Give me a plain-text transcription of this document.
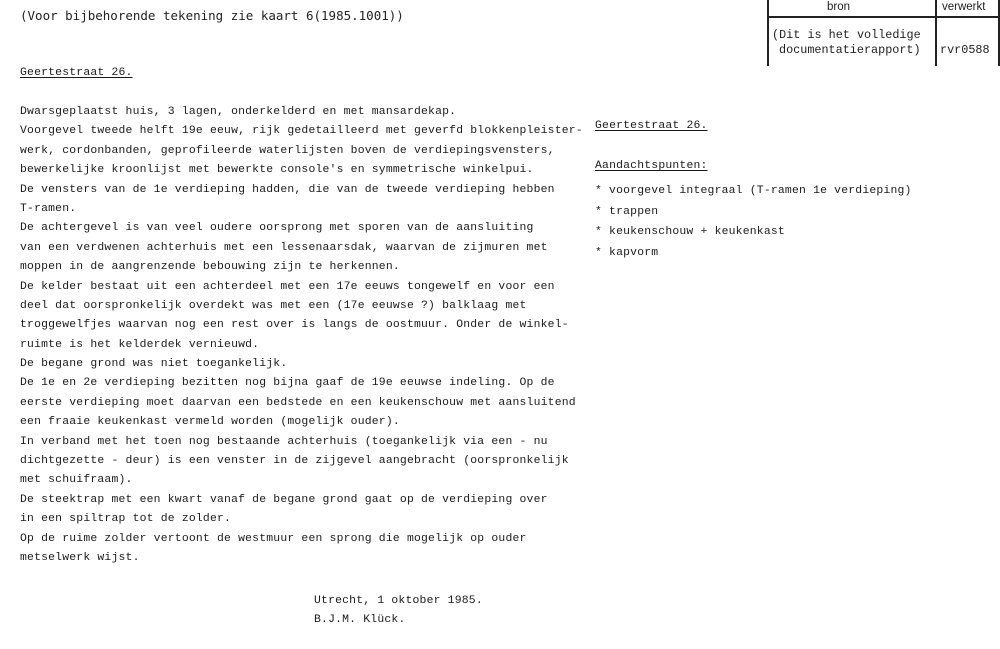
(Voor bijbehorende tekening zie kaart 6(1985.1001))
bron	verwerkt
(Dit is het volledige
documentatierapport) rvr0588
Geertestraat 26.
Dwarsgeplaatst huis, 3 lagen, onderkelderd en met mansardekap.
Voorgevel tweede helft 19e eeuw, rijk gedetailleerd met geverfd blokkenpleister-
werk, cordonbanden, geprofileerde waterlijsten boven de verdiepingsvensters,
bewerkelijke kroonlijst met bewerkte console's en symmetrische winkelpui.
De vensters van de 1e verdieping hadden, die van de tweede verdieping hebben
T-ramen.
De achtergevel is van veel oudere oorsprong met sporen van de aansluiting
van een verdwenen achterhuis met een lessenaarsdak, waarvan de zijmuren met
moppen in de aangrenzende bebouwing zijn te herkennen.
De kelder bestaat uit een achterdeel met een 17e eeuws tongewelf en voor een
deel dat oorspronkelijk overdekt was met een (17e eeuwse ?) balklaag met
troggewelfjes waarvan nog een rest over is langs de oostmuur. Onder de winkel-
ruimte is het kelderdek vernieuwd.
De begane grond was niet toegankelijk.
De 1e en 2e verdieping bezitten nog bijna gaaf de 19e eeuwse indeling. Op de
eerste verdieping moet daarvan een bedstede en een keukenschouw met aansluitend
een fraaie keukenkast vermeld worden (mogelijk ouder).
In verband met het toen nog bestaande achterhuis (toegankelijk via een - nu
dichtgezette - deur) is een venster in de zijgevel aangebracht (oorspronkelijk
met schuifraam).
De steektrap met een kwart vanaf de begane grond gaat op de verdieping over
in een spiltrap tot de zolder.
Op de ruime zolder vertoont de westmuur een sprong die mogelijk op ouder
metselwerk wijst.
Geertestraat 26.
Aandachtspunten:
* voorgevel integraal (T-ramen 1e verdieping)
* trappen
* keukenschouw + keukenkast
* kapvorm
Utrecht, 1 oktober 1985.
B.J.M. Klück.
